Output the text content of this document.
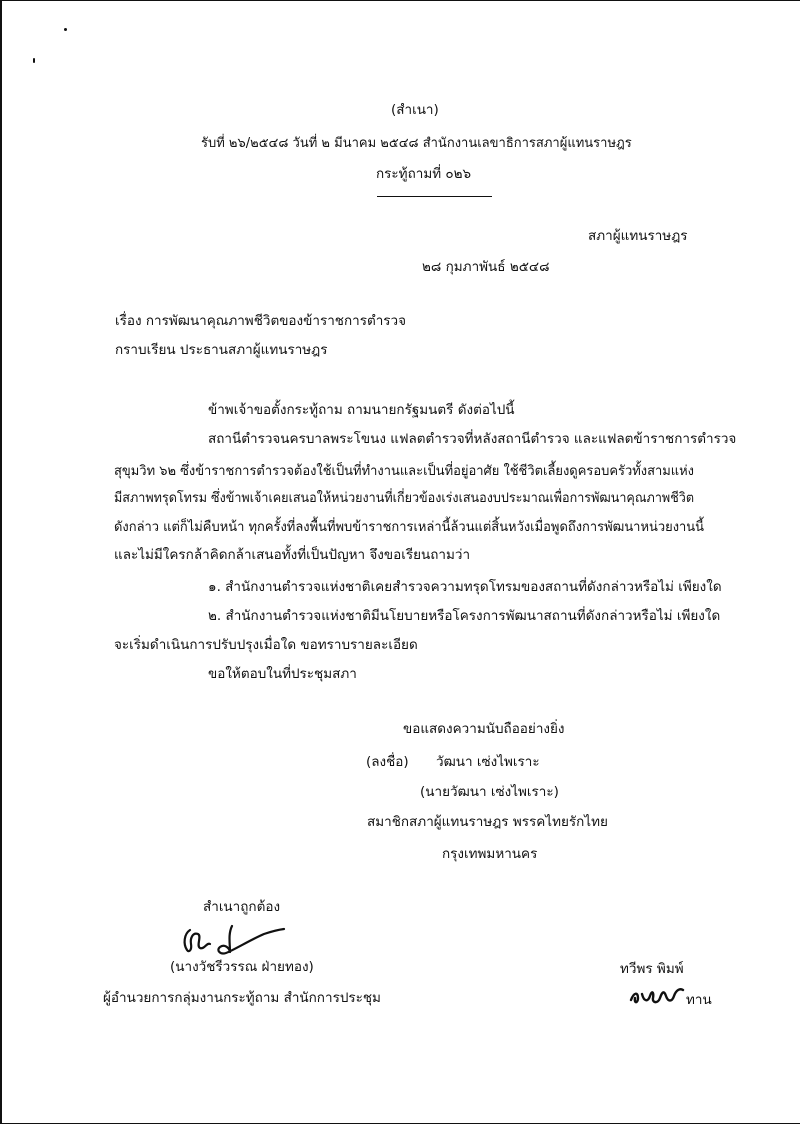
(สำเนา)
รับที่ ๒๖/๒๕๔๘ วันที่ ๒ มีนาคม ๒๕๔๘ สำนักงานเลขาธิการสภาผู้แทนราษฎร
กระทู้ถามที่ ๐๒๖
สภาผู้แทนราษฎร
๒๘ กุมภาพันธ์ ๒๕๔๘
เรื่อง การพัฒนาคุณภาพชีวิตของข้าราชการตำรวจ
กราบเรียน ประธานสภาผู้แทนราษฎร
ข้าพเจ้าขอตั้งกระทู้ถาม ถามนายกรัฐมนตรี ดังต่อไปนี้
สถานีตำรวจนครบาลพระโขนง แฟลตตำรวจที่หลังสถานีตำรวจ และแฟลตข้าราชการตำรวจ
สุขุมวิท ๖๒ ซึ่งข้าราชการตำรวจต้องใช้เป็นที่ทำงานและเป็นที่อยู่อาศัย ใช้ชีวิตเลี้ยงดูครอบครัวทั้งสามแห่ง
มีสภาพทรุดโทรม ซึ่งข้าพเจ้าเคยเสนอให้หน่วยงานที่เกี่ยวข้องเร่งเสนองบประมาณเพื่อการพัฒนาคุณภาพชีวิต
ดังกล่าว แต่ก็ไม่คืบหน้า ทุกครั้งที่ลงพื้นที่พบข้าราชการเหล่านี้ล้วนแต่สิ้นหวังเมื่อพูดถึงการพัฒนาหน่วยงานนี้
และไม่มีใครกล้าคิดกล้าเสนอทั้งที่เป็นปัญหา จึงขอเรียนถามว่า
๑. สำนักงานตำรวจแห่งชาติเคยสำรวจความทรุดโทรมของสถานที่ดังกล่าวหรือไม่ เพียงใด
๒. สำนักงานตำรวจแห่งชาติมีนโยบายหรือโครงการพัฒนาสถานที่ดังกล่าวหรือไม่ เพียงใด
จะเริ่มดำเนินการปรับปรุงเมื่อใด ขอทราบรายละเอียด
ขอให้ตอบในที่ประชุมสภา
ขอแสดงความนับถืออย่างยิ่ง
(ลงชื่อ) วัฒนา เซ่งไพเราะ
(นายวัฒนา เซ่งไพเราะ)
สมาชิกสภาผู้แทนราษฎร พรรคไทยรักไทย
กรุงเทพมหานคร
สำเนาถูกต้อง
(นางวัชรีวรรณ ฝ่ายทอง)
ผู้อำนวยการกลุ่มงานกระทู้ถาม สำนักการประชุม
ทวีพร พิมพ์
ทาน
